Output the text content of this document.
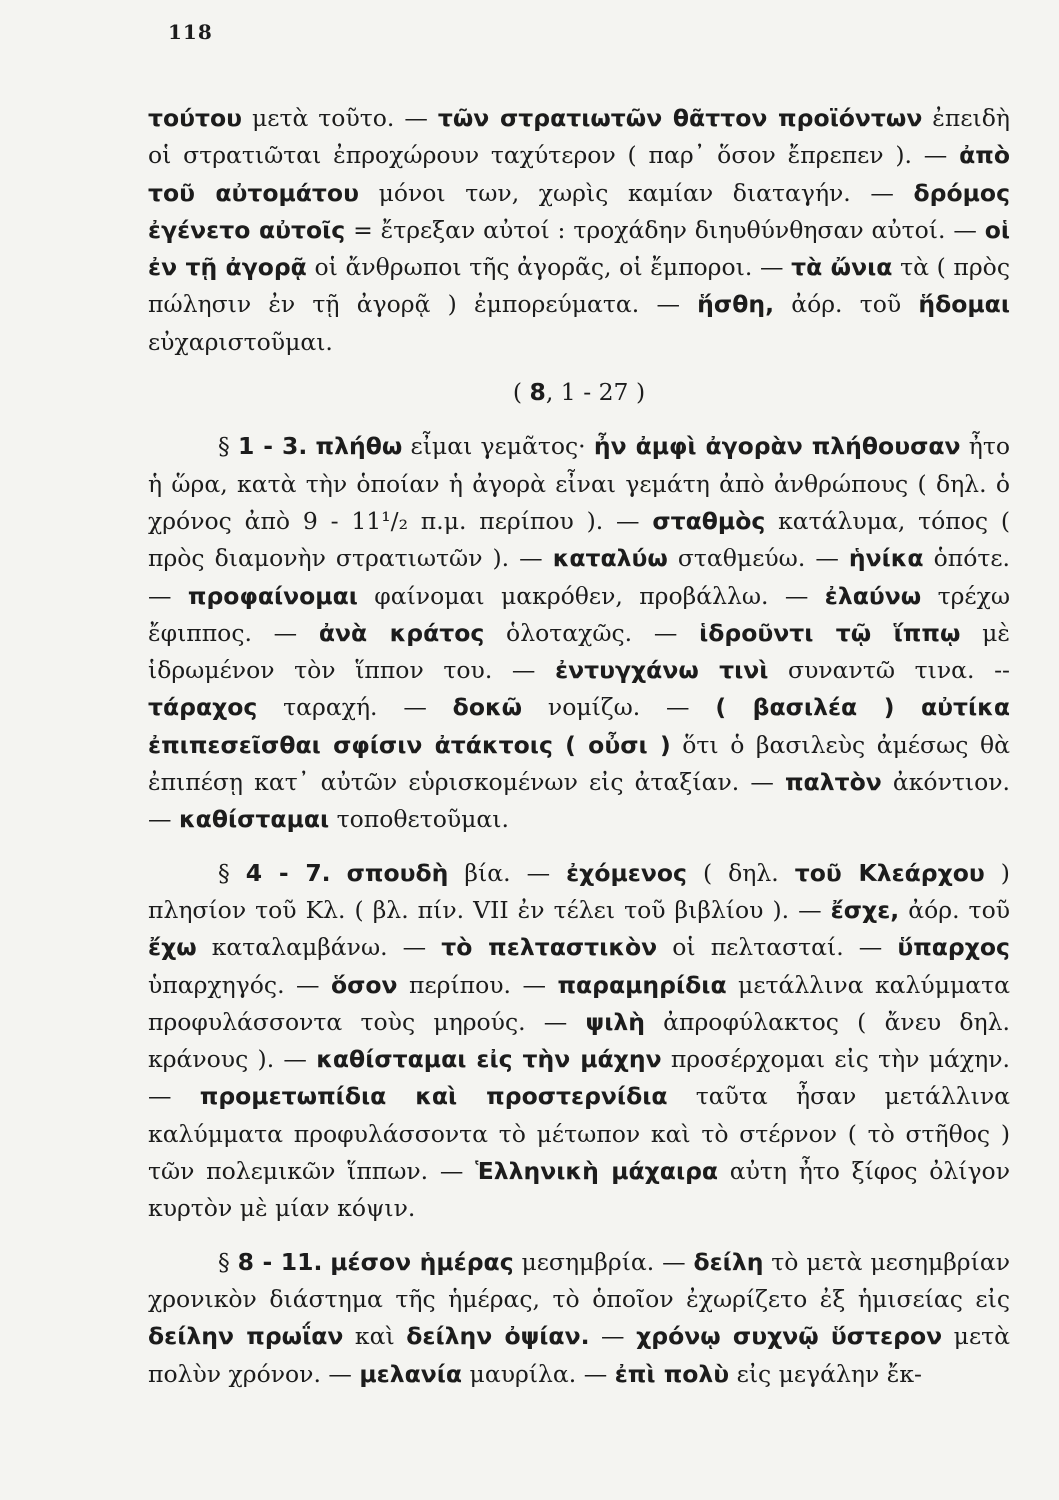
118

τούτου μετὰ τοῦτο. — τῶν στρατιωτῶν θᾶττον προϊόντων ἐπειδὴ οἱ στρατιῶται ἐπροχώρουν ταχύτερον ( παρ᾽ ὅσον ἔπρεπεν ). — ἀπὸ τοῦ αὐτομάτου μόνοι των, χωρὶς καμίαν διαταγήν. — δρόμος ἐγένετο αὐτοῖς = ἔτρεξαν αὐτοί : τροχάδην διηυθύνθησαν αὐτοί. — οἱ ἐν τῇ ἀγορᾷ οἱ ἄνθρωποι τῆς ἀγορᾶς, οἱ ἔμποροι. — τὰ ὤνια τὰ ( πρὸς πώλησιν ἐν τῇ ἀγορᾷ ) ἐμπορεύματα. — ἥσθη, ἀόρ. τοῦ ἥδομαι εὐχαριστοῦμαι.

( 8, 1 - 27 )

§ 1 - 3. πλήθω εἶμαι γεμᾶτος· ἦν ἀμφὶ ἀγορὰν πλήθουσαν ἦτο ἡ ὥρα, κατὰ τὴν ὁποίαν ἡ ἀγορὰ εἶναι γεμάτη ἀπὸ ἀνθρώπους ( δηλ. ὁ χρόνος ἀπὸ 9 - 11¹/₂ π.μ. περίπου ). — σταθμὸς κατάλυμα, τόπος ( πρὸς διαμονὴν στρατιωτῶν ). — καταλύω σταθμεύω. — ἡνίκα ὁπότε. — προφαίνομαι φαίνομαι μακρόθεν, προβάλλω. — ἐλαύνω τρέχω ἔφιππος. — ἀνὰ κράτος ὁλοταχῶς. — ἱδροῦντι τῷ ἵππῳ μὲ ἱδρωμένον τὸν ἵππον του. — ἐντυγχάνω τινὶ συναντῶ τινα. -- τάραχος ταραχή. — δοκῶ νομίζω. — ( βασιλέα ) αὐτίκα ἐπιπεσεῖσθαι σφίσιν ἀτάκτοις ( οὖσι ) ὅτι ὁ βασιλεὺς ἀμέσως θὰ ἐπιπέσῃ κατ᾽ αὐτῶν εὑρισκομένων εἰς ἀταξίαν. — παλτὸν ἀκόντιον. — καθίσταμαι τοποθετοῦμαι.

§ 4 - 7. σπουδὴ βία. — ἐχόμενος ( δηλ. τοῦ Κλεάρχου ) πλησίον τοῦ Κλ. ( βλ. πίν. VII ἐν τέλει τοῦ βιβλίου ). — ἔσχε, ἀόρ. τοῦ ἔχω καταλαμβάνω. — τὸ πελταστικὸν οἱ πελτασταί. — ὕπαρχος ὑπαρχηγός. — ὅσον περίπου. — παραμηρίδια μετάλλινα καλύμματα προφυλάσσοντα τοὺς μηρούς. — ψιλὴ ἀπροφύλακτος ( ἄνευ δηλ. κράνους ). — καθίσταμαι εἰς τὴν μάχην προσέρχομαι εἰς τὴν μάχην. — προμετωπίδια καὶ προστερνίδια ταῦτα ἦσαν μετάλλινα καλύμματα προφυλάσσοντα τὸ μέτωπον καὶ τὸ στέρνον ( τὸ στῆθος ) τῶν πολεμικῶν ἵππων. — Ἑλληνικὴ μάχαιρα αὐτη ἦτο ξίφος ὀλίγον κυρτὸν μὲ μίαν κόψιν.

§ 8 - 11. μέσον ἡμέρας μεσημβρία. — δείλη τὸ μετὰ μεσημβρίαν χρονικὸν διάστημα τῆς ἡμέρας, τὸ ὁποῖον ἐχωρίζετο ἐξ ἡμισείας εἰς δείλην πρωΐαν καὶ δείλην ὀψίαν. — χρόνῳ συχνῷ ὕστερον μετὰ πολὺν χρόνον. — μελανία μαυρίλα. — ἐπὶ πολὺ εἰς μεγάλην ἔκ-
